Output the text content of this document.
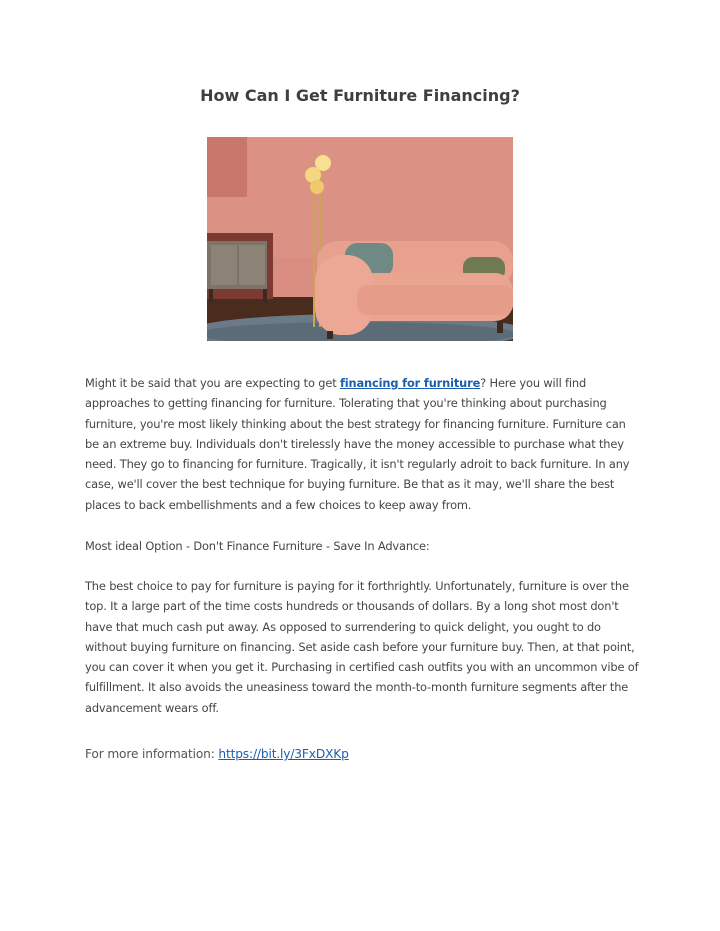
How Can I Get Furniture Financing?

Might it be said that you are expecting to get financing for furniture? Here you will find approaches to getting financing for furniture. Tolerating that you're thinking about purchasing furniture, you're most likely thinking about the best strategy for financing furniture. Furniture can be an extreme buy. Individuals don't tirelessly have the money accessible to purchase what they need. They go to financing for furniture. Tragically, it isn't regularly adroit to back furniture. In any case, we'll cover the best technique for buying furniture. Be that as it may, we'll share the best places to back embellishments and a few choices to keep away from.

Most ideal Option - Don't Finance Furniture - Save In Advance:

The best choice to pay for furniture is paying for it forthrightly. Unfortunately, furniture is over the top. It a large part of the time costs hundreds or thousands of dollars. By a long shot most don't have that much cash put away. As opposed to surrendering to quick delight, you ought to do without buying furniture on financing. Set aside cash before your furniture buy. Then, at that point, you can cover it when you get it. Purchasing in certified cash outfits you with an uncommon vibe of fulfillment. It also avoids the uneasiness toward the month-to-month furniture segments after the advancement wears off.

For more information: https://bit.ly/3FxDXKp
